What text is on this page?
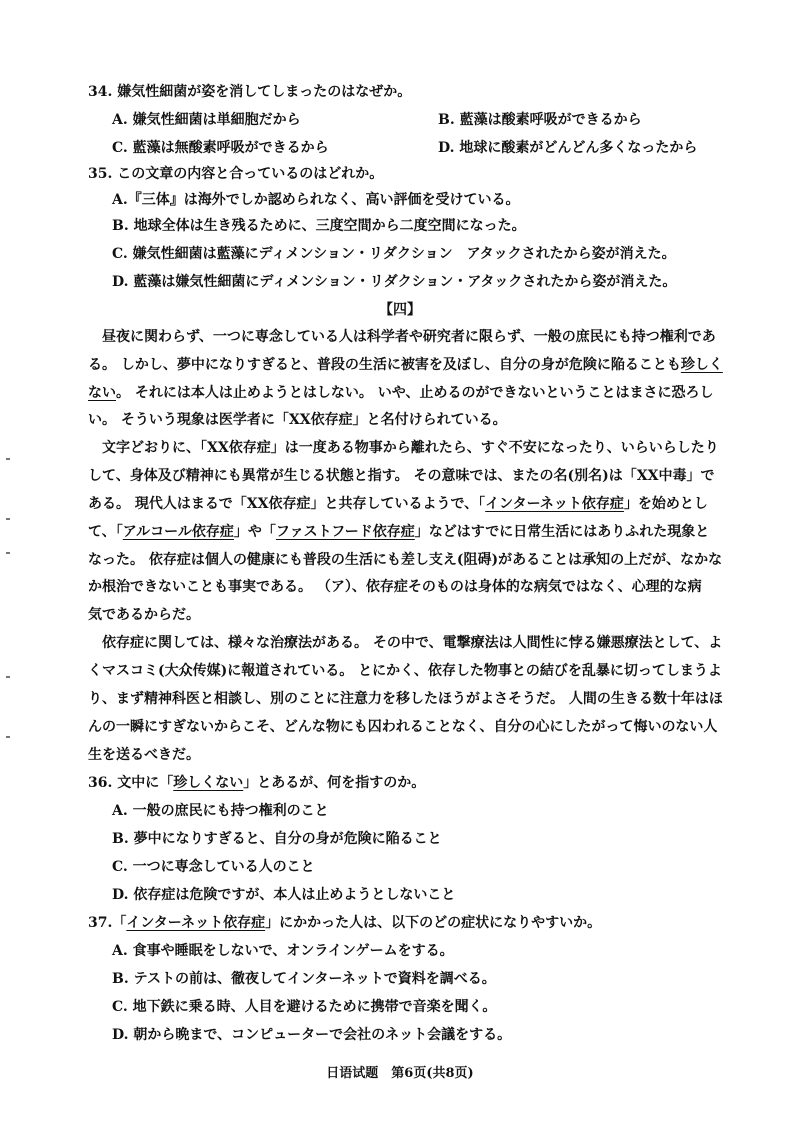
34. 嫌気性細菌が姿を消してしまったのはなぜか。
A. 嫌気性細菌は単細胞だから	B. 藍藻は酸素呼吸ができるから
C. 藍藻は無酸素呼吸ができるから	D. 地球に酸素がどんどん多くなったから
35. この文章の内容と合っているのはどれか。
A.『三体』は海外でしか認められなく、高い評価を受けている。
B. 地球全体は生き残るために、三度空間から二度空間になった。
C. 嫌気性細菌は藍藻にディメンション・リダクション　アタックされたから姿が消えた。
D. 藍藻は嫌気性細菌にディメンション・リダクション・アタックされたから姿が消えた。
【四】
　昼夜に関わらず、一つに専念している人は科学者や研究者に限らず、一般の庶民にも持つ権利であ
る。 しかし、夢中になりすぎると、普段の生活に被害を及ぼし、自分の身が危険に陥ることも珍しく
ない。 それには本人は止めようとはしない。 いや、止めるのができないということはまさに恐ろし
い。 そういう現象は医学者に「XX依存症」と名付けられている。
　文字どおりに、「XX依存症」は一度ある物事から離れたら、すぐ不安になったり、いらいらしたり
して、身体及び精神にも異常が生じる状態と指す。 その意味では、またの名(別名)は「XX中毒」で
ある。 現代人はまるで「XX依存症」と共存しているようで、「インターネット依存症」を始めとし
て、「アルコール依存症」や「ファストフード依存症」などはすでに日常生活にはありふれた現象と
なった。 依存症は個人の健康にも普段の生活にも差し支え(阻碍)があることは承知の上だが、なかな
か根治できないことも事実である。 （ア）、依存症そのものは身体的な病気ではなく、心理的な病
気であるからだ。
　依存症に関しては、様々な治療法がある。 その中で、電撃療法は人間性に悖る嫌悪療法として、よ
くマスコミ(大众传媒)に報道されている。 とにかく、依存した物事との結びを乱暴に切ってしまうよ
り、まず精神科医と相談し、別のことに注意力を移したほうがよさそうだ。 人間の生きる数十年はほ
んの一瞬にすぎないからこそ、どんな物にも囚われることなく、自分の心にしたがって悔いのない人
生を送るべきだ。
36. 文中に「珍しくない」とあるが、何を指すのか。
A. 一般の庶民にも持つ権利のこと
B. 夢中になりすぎると、自分の身が危険に陥ること
C. 一つに専念している人のこと
D. 依存症は危険ですが、本人は止めようとしないこと
37.「インターネット依存症」にかかった人は、以下のどの症状になりやすいか。
A. 食事や睡眠をしないで、オンラインゲームをする。
B. テストの前は、徹夜してインターネットで資料を調べる。
C. 地下鉄に乗る時、人目を避けるために携帯で音楽を聞く。
D. 朝から晩まで、コンピューターで会社のネット会議をする。
日语试题　第6页(共8页)
